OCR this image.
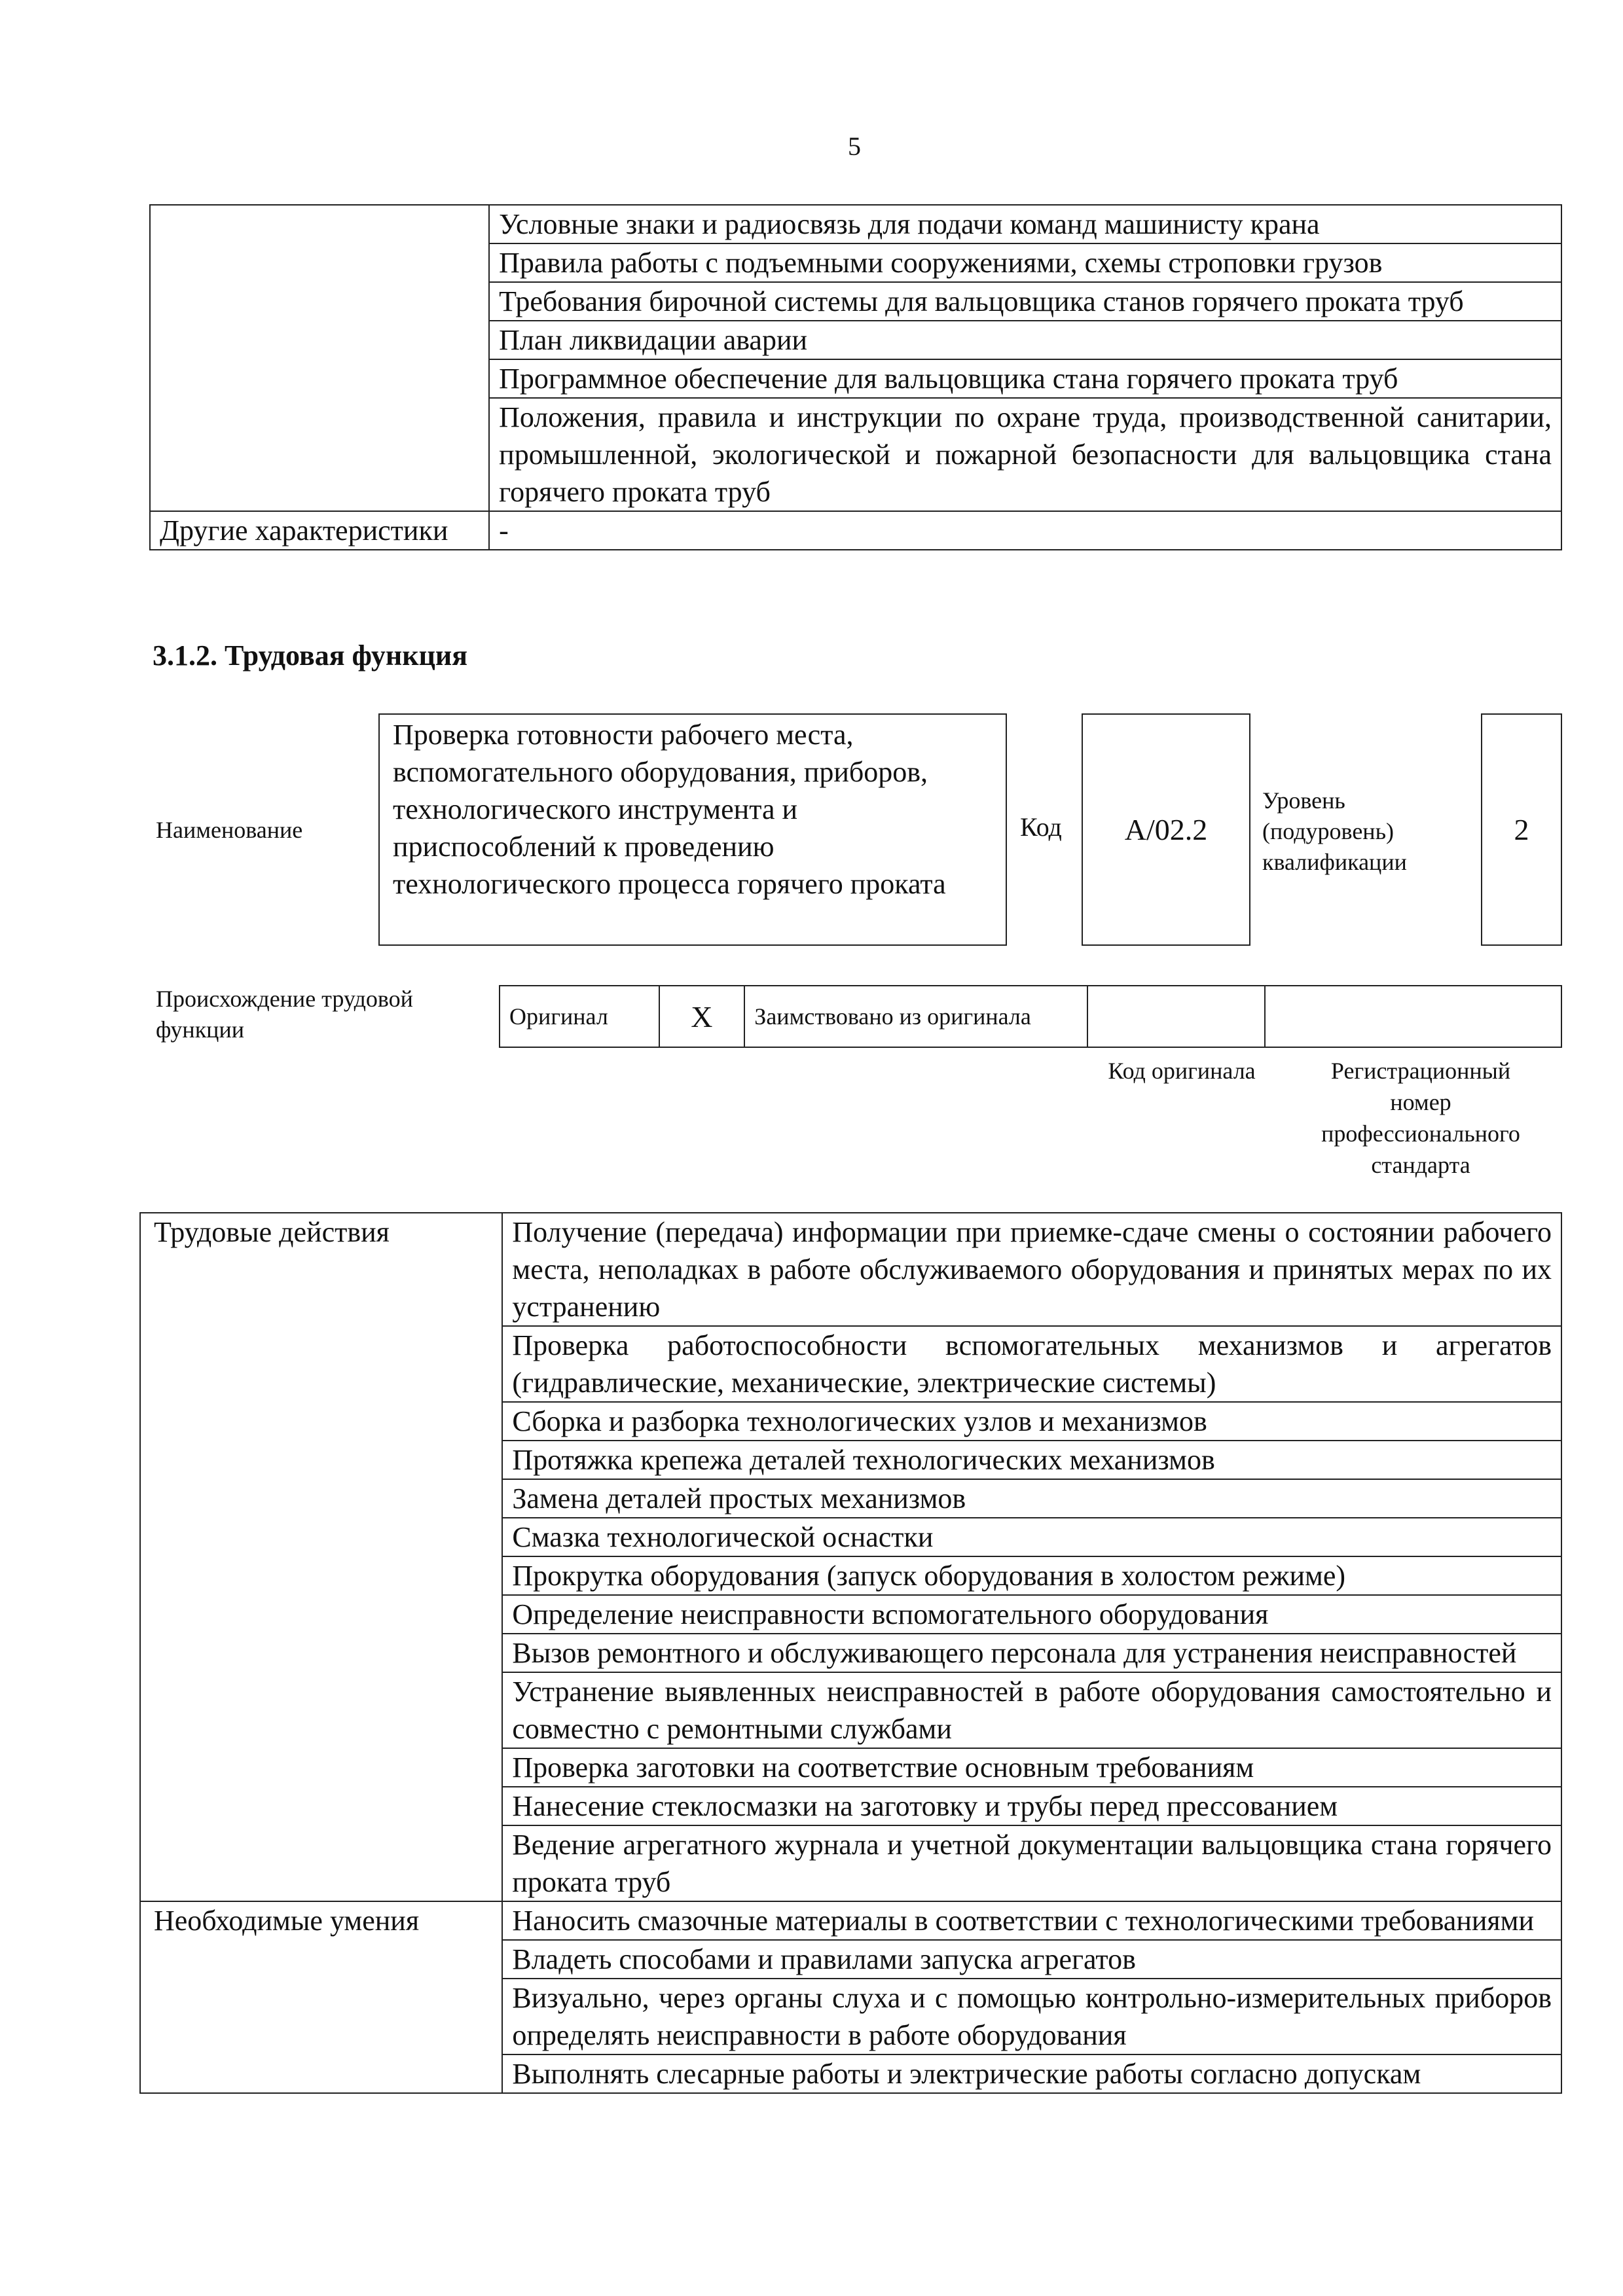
5
	Условные знаки и радиосвязь для подачи команд машинисту крана
	Правила работы с подъемными сооружениями, схемы строповки грузов
	Требования бирочной системы для вальцовщика станов горячего проката труб
	План ликвидации аварии
	Программное обеспечение для вальцовщика стана горячего проката труб
	Положения, правила и инструкции по охране труда, производственной санитарии, промышленной, экологической и пожарной безопасности для вальцовщика стана горячего проката труб
Другие характеристики	-
3.1.2. Трудовая функция
Наименование
Проверка готовности рабочего места, вспомогательного оборудования, приборов, технологического инструмента и приспособлений к проведению технологического процесса горячего проката
Код	А/02.2
Уровень (подуровень) квалификации
2
Происхождение трудовой функции
Оригинал	X	Заимствовано из оригинала		
Код оригинала	Регистрационный номер профессионального стандарта
Трудовые действия	Получение (передача) информации при приемке-сдаче смены о состоянии рабочего места, неполадках в работе обслуживаемого оборудования и принятых мерах по их устранению
	Проверка работоспособности вспомогательных механизмов и агрегатов (гидравлические, механические, электрические системы)
	Сборка и разборка технологических узлов и механизмов
	Протяжка крепежа деталей технологических механизмов
	Замена деталей простых механизмов
	Смазка технологической оснастки
	Прокрутка оборудования (запуск оборудования в холостом режиме)
	Определение неисправности вспомогательного оборудования
	Вызов ремонтного и обслуживающего персонала для устранения неисправностей
	Устранение выявленных неисправностей в работе оборудования самостоятельно и совместно с ремонтными службами
	Проверка заготовки на соответствие основным требованиям
	Нанесение стеклосмазки на заготовку и трубы перед прессованием
	Ведение агрегатного журнала и учетной документации вальцовщика стана горячего проката труб
Необходимые умения	Наносить смазочные материалы в соответствии с технологическими требованиями
	Владеть способами и правилами запуска агрегатов
	Визуально, через органы слуха и с помощью контрольно-измерительных приборов определять неисправности в работе оборудования
	Выполнять слесарные работы и электрические работы согласно допускам
